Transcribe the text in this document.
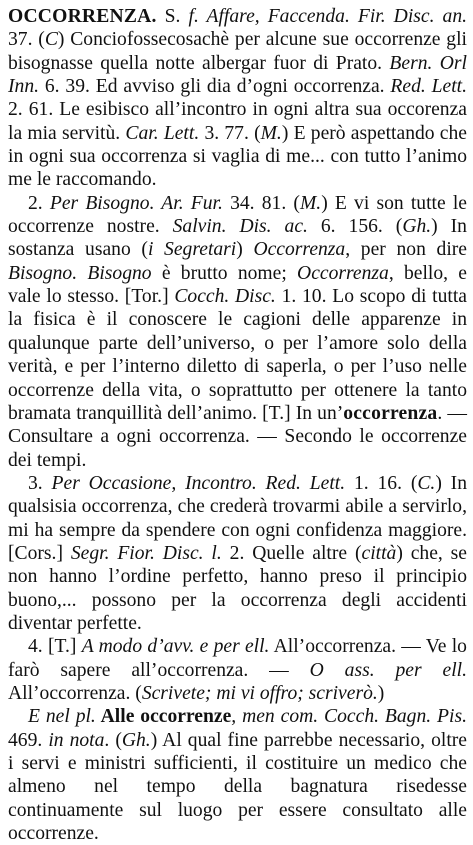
OCCORRENZA. S. f. Affare, Faccenda. Fir. Disc. an. 37. (C) Conciofossecosachè per alcune sue occorrenze gli bisognasse quella notte albergar fuor di Prato. Bern. Orl Inn. 6. 39. Ed avviso gli dia d’ogni occorrenza. Red. Lett. 2. 61. Le esibisco all’incontro in ogni altra sua occorenza la mia servitù. Car. Lett. 3. 77. (M.) E però aspettando che in ogni sua occorrenza si vaglia di me... con tutto l’animo me le raccomando.

2. Per Bisogno. Ar. Fur. 34. 81. (M.) E vi son tutte le occorrenze nostre. Salvin. Dis. ac. 6. 156. (Gh.) In sostanza usano (i Segretari) Occorrenza, per non dire Bisogno. Bisogno è brutto nome; Occorrenza, bello, e vale lo stesso. [Tor.] Cocch. Disc. 1. 10. Lo scopo di tutta la fisica è il conoscere le cagioni delle apparenze in qualunque parte dell’universo, o per l’amore solo della verità, e per l’interno diletto di saperla, o per l’uso nelle occorrenze della vita, o soprattutto per ottenere la tanto bramata tranquillità dell’animo. [T.] In un’occorrenza. — Consultare a ogni occorrenza. — Secondo le occorrenze dei tempi.

3. Per Occasione, Incontro. Red. Lett. 1. 16. (C.) In qualsisia occorrenza, che crederà trovarmi abile a servirlo, mi ha sempre da spendere con ogni confidenza maggiore. [Cors.] Segr. Fior. Disc. l. 2. Quelle altre (città) che, se non hanno l’ordine perfetto, hanno preso il principio buono,... possono per la occorrenza degli accidenti diventar perfette.

4. [T.] A modo d’avv. e per ell. All’occorrenza. — Ve lo farò sapere all’occorrenza. — O ass. per ell. All’occorrenza. (Scrivete; mi vi offro; scriverò.)

E nel pl. Alle occorrenze, men com. Cocch. Bagn. Pis. 469. in nota. (Gh.) Al qual fine parrebbe necessario, oltre i servi e ministri sufficienti, il costituire un medico che almeno nel tempo della bagnatura risedesse continuamente sul luogo per essere consultato alle occorrenze.
